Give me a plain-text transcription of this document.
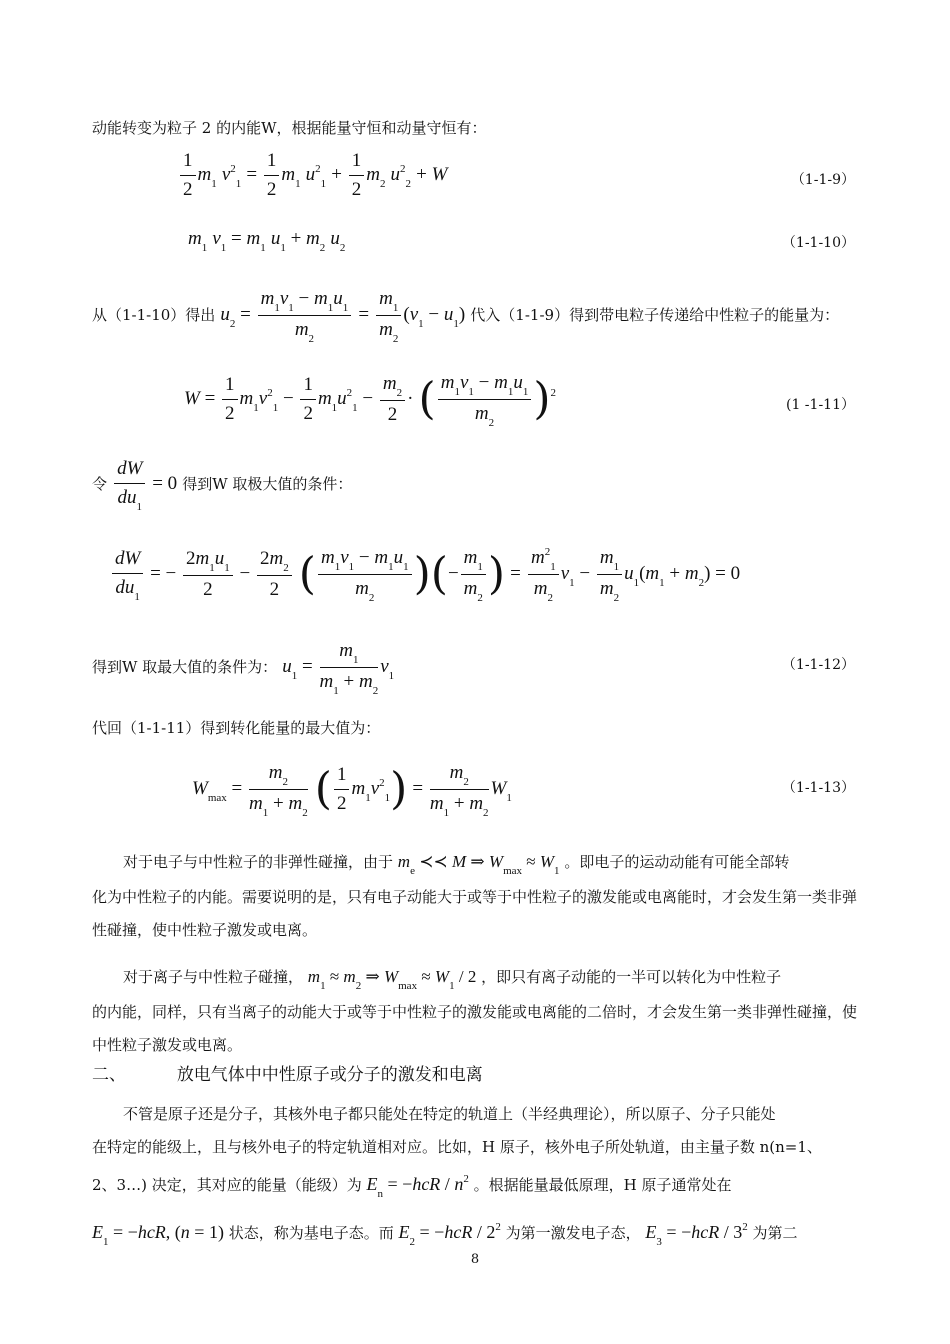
动能转变为粒子 2 的内能W，根据能量守恒和动量守恒有：
$\frac{1}{2} m_1$ $v^2_1 = \frac{1}{2} m_1$ $u^2_1 + \frac{1}{2} m_2$ $u^2_2 + W$	（1-1-9）
$m_1$ $v_1 = m_1$ $u_1 + m_2$ $u_2$	（1-1-10）
从（1-1-10）得出 $u_2 = \frac{m_1v_1 - m_1u_1}{m_2} = \frac{m_1}{m_2} (v_1 - u_1)$ 代入（1-1-9）得到带电粒子传递给中性粒子的能量为：
$W = \frac{1}{2} m_1v^2_1 - \frac{1}{2} m_1u^2_1 - \frac{m_2}{2}$ · ( $\frac{m_1v_1 - m_1u_1}{m_2} )^2$
(1 -1-11）
令 $\frac{dW}{du_1} = 0$ 得到W 取极大值的条件：
$\frac{dW}{du_1}$ = − $\frac{2m_1u_1}{2} - \frac{2m_2}{2}$ ( $\frac{m_1v_1 - m_1u_1}{m_2}$ )(− $\frac{m_1}{m_2}$ ) = $\frac{m^2_1}{m_2} v_1 - \frac{m_1}{m_2} u_1(m_1 + m_2) = 0$
得到W 取最大值的条件为： $u_1 = \frac{m_1}{m_1 + m_2} v_1$
（1-1-12）
代回（1-1-11）得到转化能量的最大值为：
$W_{max} = \frac{m_2}{m_1 + m_2}$ ( $\frac{1}{2} m_1v^2_1) = \frac{m_2}{m_1 + m_2} W_1$
（1-1-13）
对于电子与中性粒子的非弹性碰撞，由于 $m_e$ ≺≺ M ⇒ $W_{max} \approx W_1$ 。即电子的运动动能有可能全部转
化为中性粒子的内能。需要说明的是，只有电子动能大于或等于中性粒子的激发能或电离能时，才会发生第一类非弹性碰撞，使中性粒子激发或电离。
对于离子与中性粒子碰撞， $m_1 \approx m_2$ ⇒ $W_{max} \approx W_1 / 2$ ，即只有离子动能的一半可以转化为中性粒子
的内能，同样，只有当离子的动能大于或等于中性粒子的激发能或电离能的二倍时，才会发生第一类非弹性碰撞，使中性粒子激发或电离。
二、	放电气体中中性原子或分子的激发和电离
不管是原子还是分子，其核外电子都只能处在特定的轨道上（半经典理论），所以原子、分子只能处
在特定的能级上，且与核外电子的特定轨道相对应。比如，H 原子，核外电子所处轨道，由主量子数 n(n=1、
2、3…) 决定，其对应的能量（能级）为 $E_n = -hcR / n^2$ 。根据能量最低原理，H 原子通常处在
$E_1 = -hcR$, (n = 1) 状态，称为基电子态。而 $E_2 = -hcR / 2^2$ 为第一激发电子态， $E_3 = -hcR / 3^2$ 为第二
8
